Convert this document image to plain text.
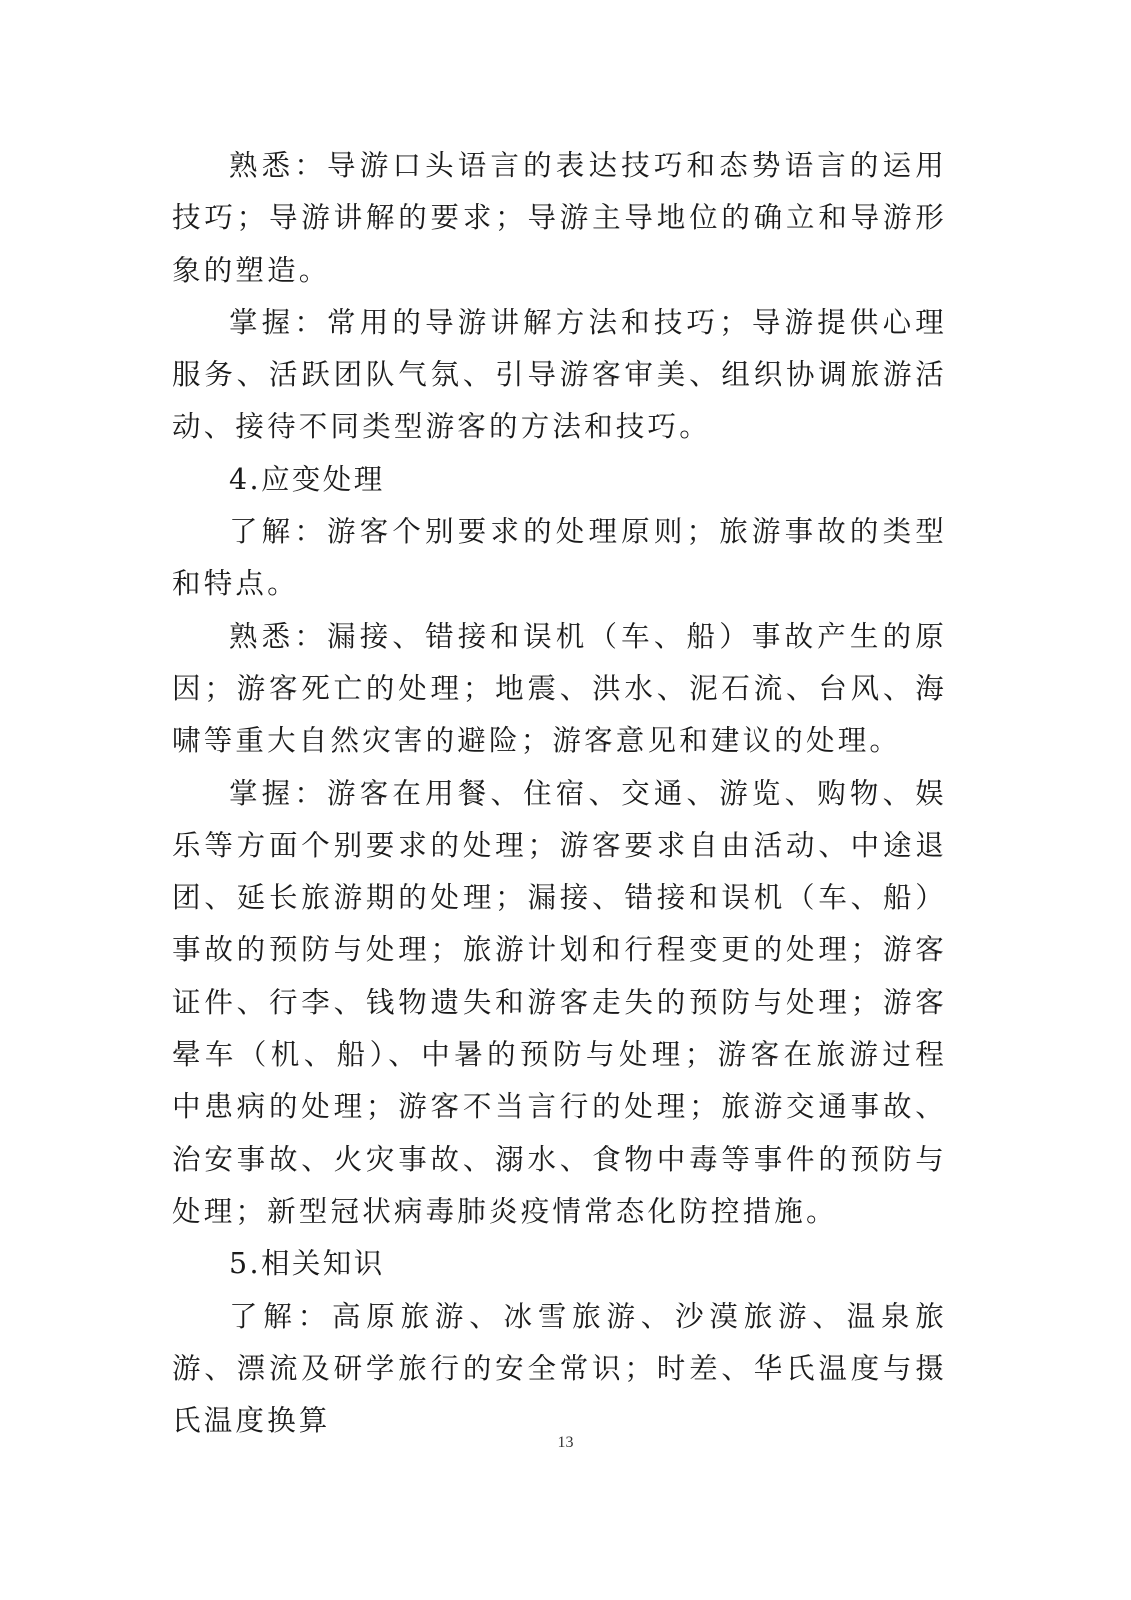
熟悉：导游口头语言的表达技巧和态势语言的运用技巧；导游讲解的要求；导游主导地位的确立和导游形象的塑造。

掌握：常用的导游讲解方法和技巧；导游提供心理服务、活跃团队气氛、引导游客审美、组织协调旅游活动、接待不同类型游客的方法和技巧。

4.应变处理

了解：游客个别要求的处理原则；旅游事故的类型和特点。

熟悉：漏接、错接和误机（车、船）事故产生的原因；游客死亡的处理；地震、洪水、泥石流、台风、海啸等重大自然灾害的避险；游客意见和建议的处理。

掌握：游客在用餐、住宿、交通、游览、购物、娱乐等方面个别要求的处理；游客要求自由活动、中途退团、延长旅游期的处理；漏接、错接和误机（车、船）事故的预防与处理；旅游计划和行程变更的处理；游客证件、行李、钱物遗失和游客走失的预防与处理；游客晕车（机、船）、中暑的预防与处理；游客在旅游过程中患病的处理；游客不当言行的处理；旅游交通事故、治安事故、火灾事故、溺水、食物中毒等事件的预防与处理；新型冠状病毒肺炎疫情常态化防控措施。

5.相关知识

了解：高原旅游、冰雪旅游、沙漠旅游、温泉旅游、漂流及研学旅行的安全常识；时差、华氏温度与摄氏温度换算

13
